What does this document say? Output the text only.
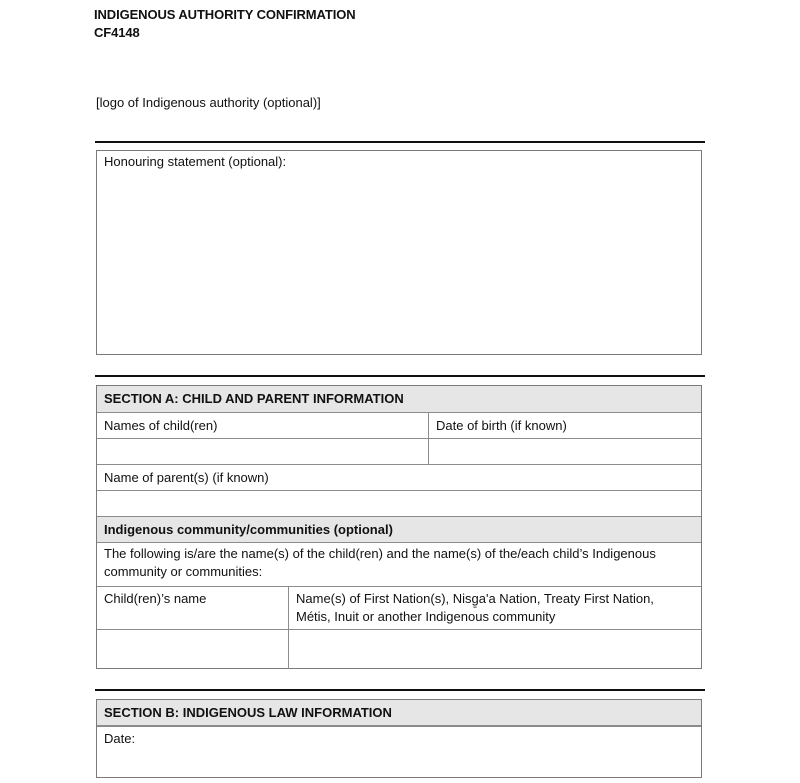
INDIGENOUS AUTHORITY CONFIRMATION
CF4148
[logo of Indigenous authority (optional)]
Honouring statement (optional):
SECTION A: CHILD AND PARENT INFORMATION
Names of child(ren)	Date of birth (if known)
Name of parent(s) (if known)
Indigenous community/communities (optional)
The following is/are the name(s) of the child(ren) and the name(s) of the/each child’s Indigenous
community or communities:
Child(ren)’s name	Name(s) of First Nation(s), Nisg̱a'a Nation, Treaty First Nation,
Métis, Inuit or another Indigenous community
SECTION B: INDIGENOUS LAW INFORMATION
Date:
